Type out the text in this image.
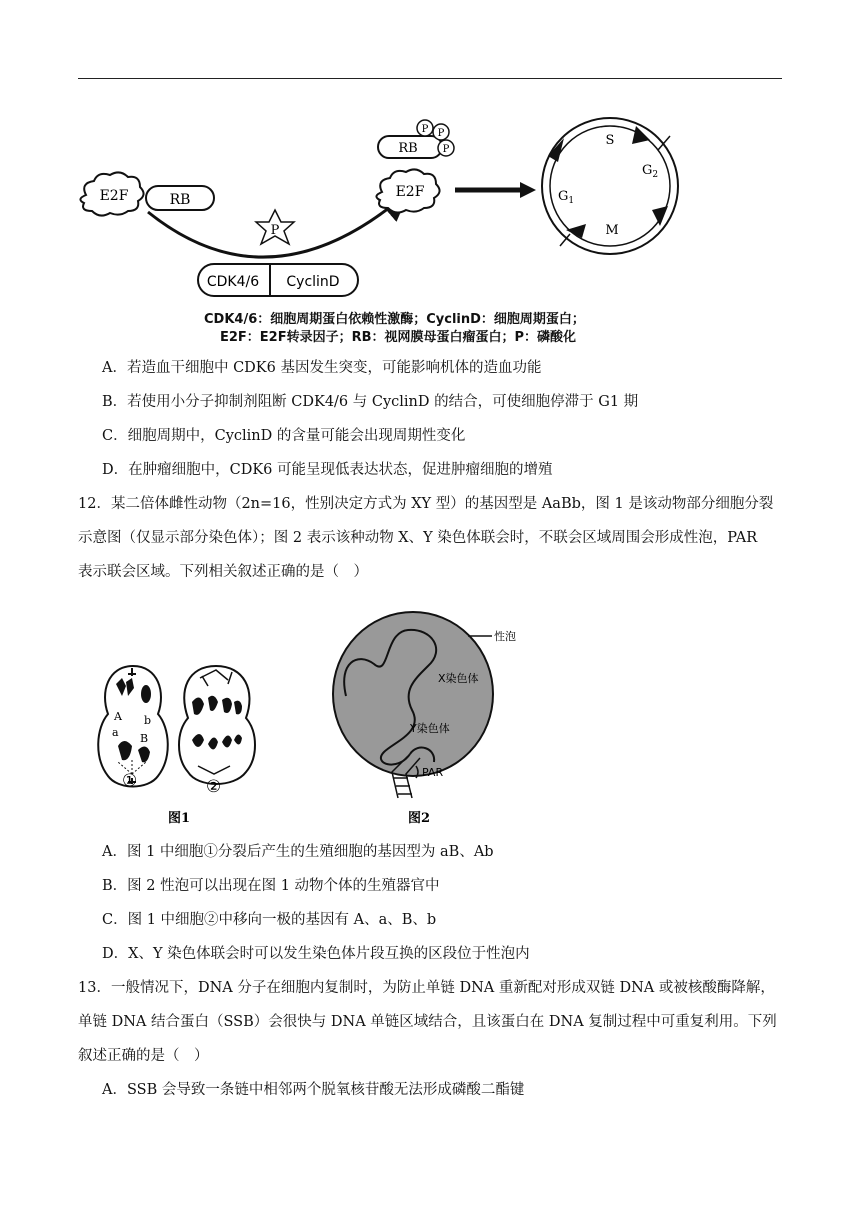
E2F	RB
P
CDK4/6 CyclinD
RB
P P
P
E2F
S
$G_2$
$G_1$
M
CDK4/6：细胞周期蛋白依赖性激酶；CyclinD：细胞周期蛋白；
E2F：E2F转录因子；RB：视网膜母蛋白瘤蛋白；P：磷酸化
A．若造血干细胞中 CDK6 基因发生突变，可能影响机体的造血功能
B．若使用小分子抑制剂阻断 CDK4/6 与 CyclinD 的结合，可使细胞停滞于 G1 期
C．细胞周期中，CyclinD 的含量可能会出现周期性变化
D．在肿瘤细胞中，CDK6 可能呈现低表达状态，促进肿瘤细胞的增殖
12．某二倍体雌性动物（2n=16，性别决定方式为 XY 型）的基因型是 AaBb，图 1 是该动物部分细胞分裂
示意图（仅显示部分染色体）；图 2 表示该种动物 X、Y 染色体联会时，不联会区域周围会形成性泡，PAR
表示联会区域。下列相关叙述正确的是（　）
A
a
b
B
①	②
图1
性泡
X染色体
Y染色体
PAR
图2
A．图 1 中细胞①分裂后产生的生殖细胞的基因型为 aB、Ab
B．图 2 性泡可以出现在图 1 动物个体的生殖器官中
C．图 1 中细胞②中移向一极的基因有 A、a、B、b
D．X、Y 染色体联会时可以发生染色体片段互换的区段位于性泡内
13．一般情况下，DNA 分子在细胞内复制时，为防止单链 DNA 重新配对形成双链 DNA 或被核酸酶降解，
单链 DNA 结合蛋白（SSB）会很快与 DNA 单链区域结合，且该蛋白在 DNA 复制过程中可重复利用。下列
叙述正确的是（　）
A．SSB 会导致一条链中相邻两个脱氧核苷酸无法形成磷酸二酯键
